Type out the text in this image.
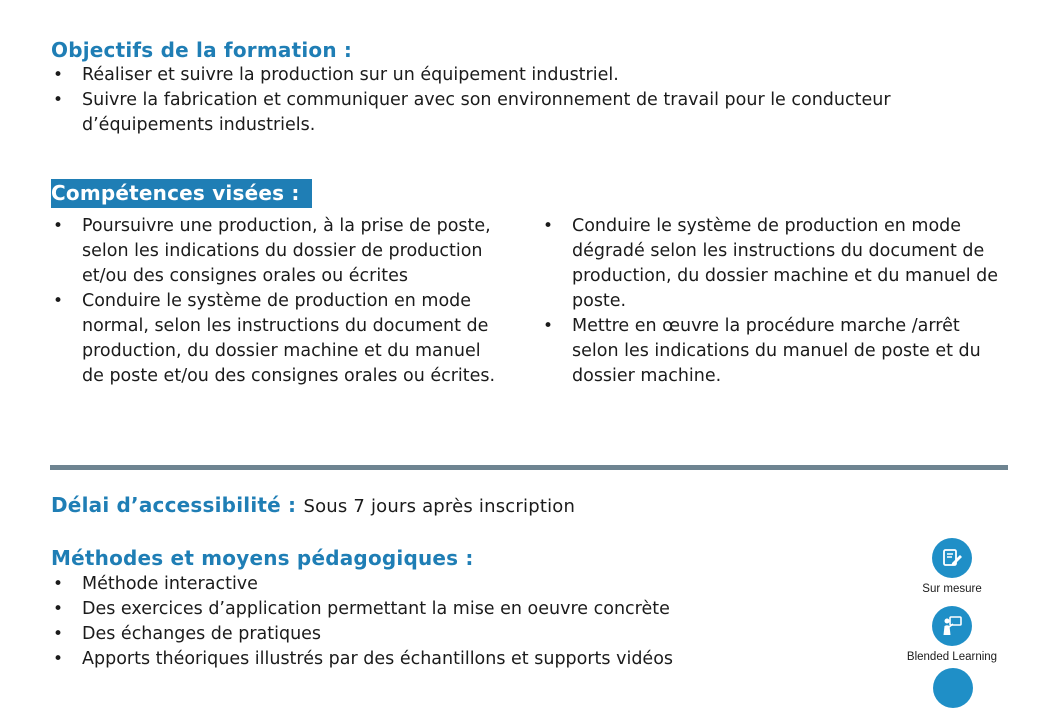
Objectifs de la formation :
• Réaliser et suivre la production sur un équipement industriel.
• Suivre la fabrication et communiquer avec son environnement de travail pour le conducteur d’équipements industriels.
Compétences visées :
• Poursuivre une production, à la prise de poste, selon les indications du dossier de production et/ou des consignes orales ou écrites
• Conduire le système de production en mode normal, selon les instructions du document de production, du dossier machine et du manuel de poste et/ou des consignes orales ou écrites.
• Conduire le système de production en mode dégradé selon les instructions du document de production, du dossier machine et du manuel de poste.
• Mettre en œuvre la procédure marche /arrêt selon les indications du manuel de poste et du dossier machine.
Délai d’accessibilité : Sous 7 jours après inscription
Méthodes et moyens pédagogiques :
• Méthode interactive
• Des exercices d’application permettant la mise en oeuvre concrète
• Des échanges de pratiques
• Apports théoriques illustrés par des échantillons et supports vidéos
Sur mesure
Blended Learning
